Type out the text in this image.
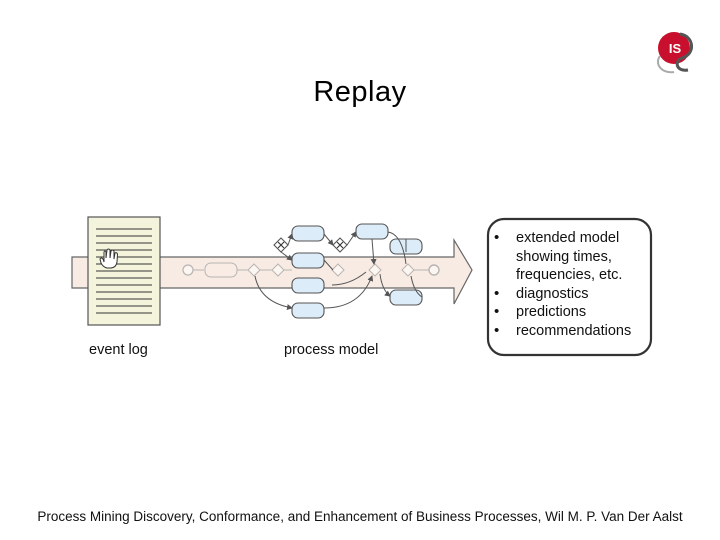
IS
Replay
event log	process model
• extended model
showing times,
frequencies, etc.
• diagnostics
• predictions
• recommendations
Process Mining Discovery, Conformance, and Enhancement of Business Processes, Wil M. P. Van Der Aalst
